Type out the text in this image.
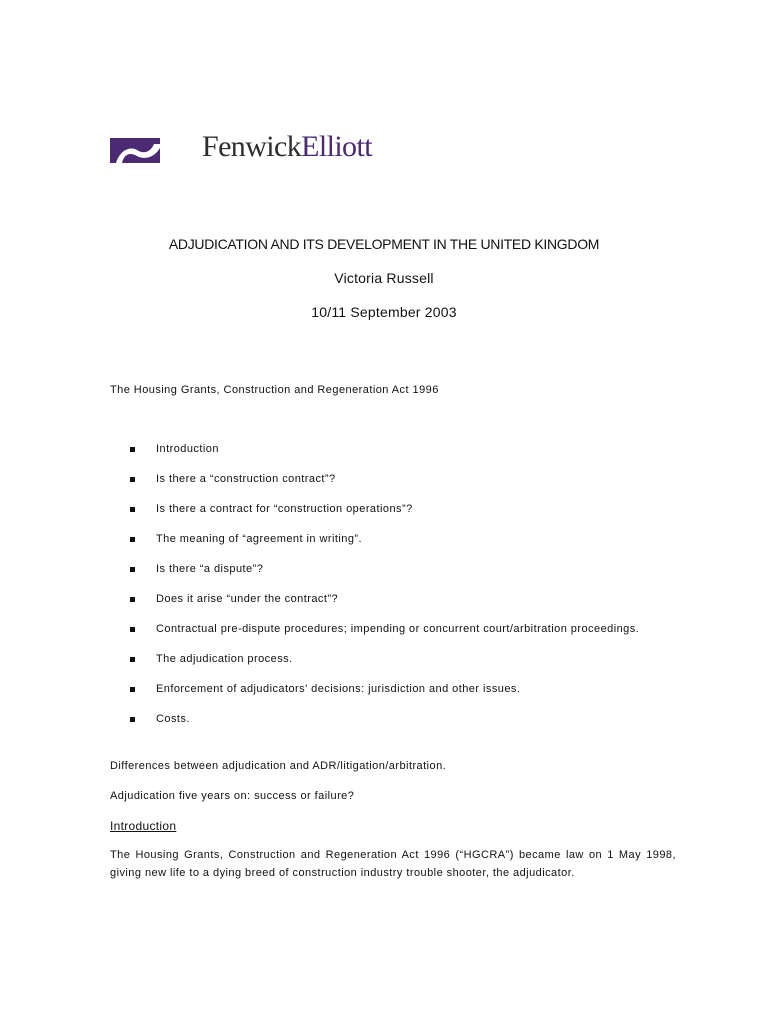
FenwickElliott
ADJUDICATION AND ITS DEVELOPMENT IN THE UNITED KINGDOM
Victoria Russell
10/11 September 2003
The Housing Grants, Construction and Regeneration Act 1996
Introduction
Is there a “construction contract”?
Is there a contract for “construction operations”?
The meaning of “agreement in writing”.
Is there “a dispute”?
Does it arise “under the contract”?
Contractual pre-dispute procedures; impending or concurrent court/arbitration proceedings.
The adjudication process.
Enforcement of adjudicators' decisions: jurisdiction and other issues.
Costs.
Differences between adjudication and ADR/litigation/arbitration.
Adjudication five years on: success or failure?
Introduction
The Housing Grants, Construction and Regeneration Act 1996 (“HGCRA”) became law on 1 May 1998, giving new life to a dying breed of construction industry trouble shooter, the adjudicator.
